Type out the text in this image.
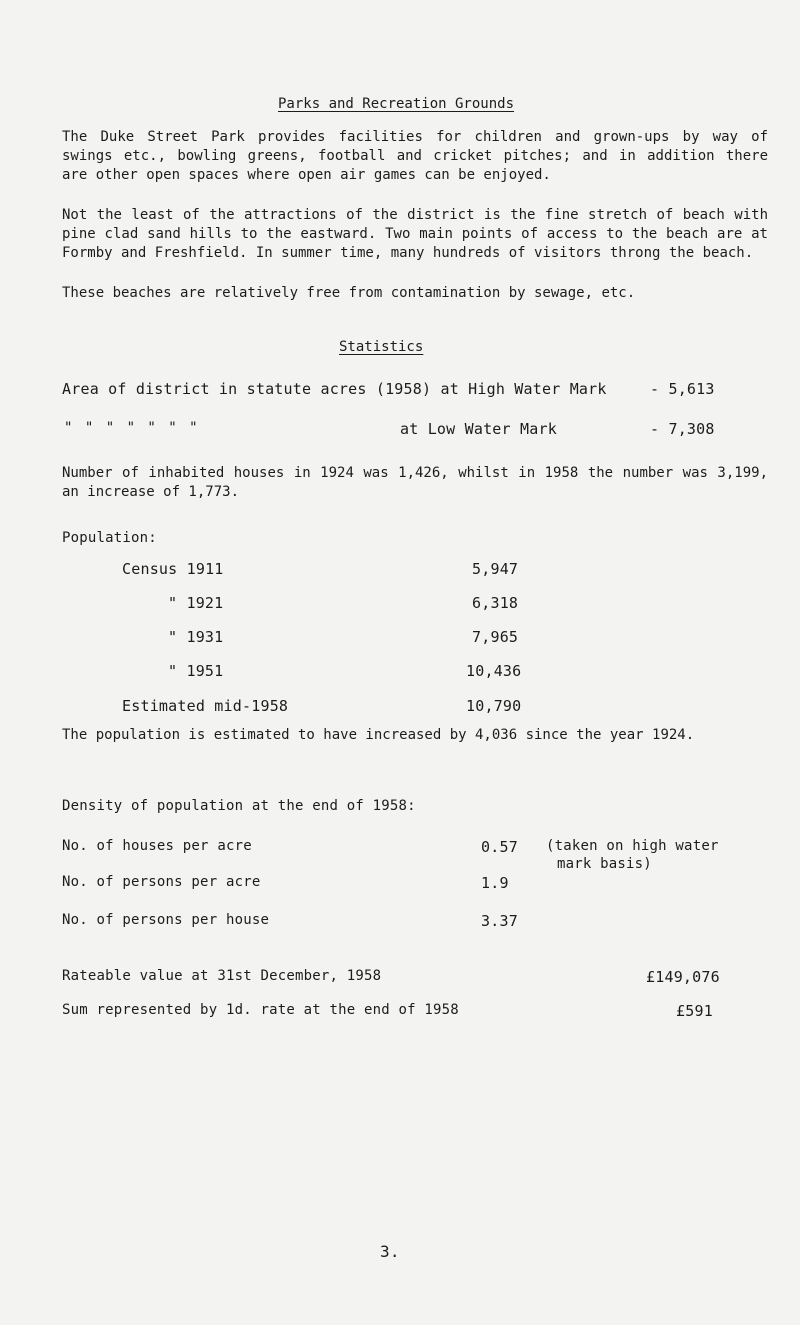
Parks and Recreation Grounds
The Duke Street Park provides facilities for children and grown-ups by way of swings etc., bowling greens, football and cricket pitches; and in addition there are other open spaces where open air games can be enjoyed.
Not the least of the attractions of the district is the fine stretch of beach with pine clad sand hills to the eastward. Two main points of access to the beach are at Formby and Freshfield. In summer time, many hundreds of visitors throng the beach.
These beaches are relatively free from contamination by sewage, etc.
Statistics
Area of district in statute acres (1958) at High Water Mark	- 5,613
" " " " " " "	at Low Water Mark	- 7,308
Number of inhabited houses in 1924 was 1,426, whilst in 1958 the number was 3,199, an increase of 1,773.
Population:
Census 1911	5,947
" 1921	6,318
" 1931	7,965
" 1951	10,436
Estimated mid-1958	10,790
The population is estimated to have increased by 4,036 since the year 1924.
Density of population at the end of 1958:
No. of houses per acre	0.57
No. of persons per acre	1.9
No. of persons per house	3.37
(taken on high water
mark basis)
Rateable value at 31st December, 1958	£149,076
Sum represented by 1d. rate at the end of 1958	£591
3.
